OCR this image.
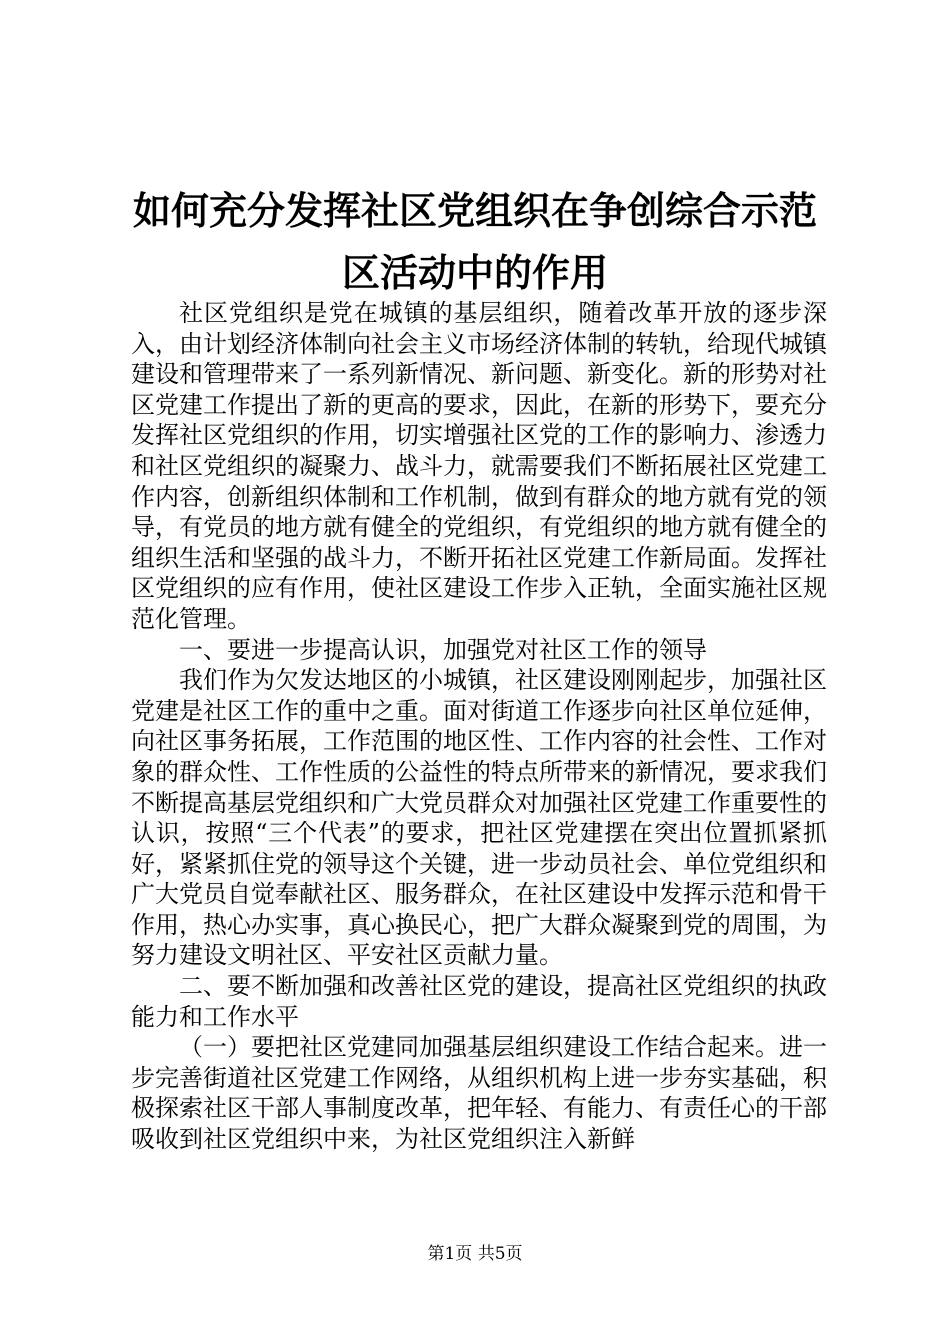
如何充分发挥社区党组织在争创综合示范区活动中的作用

社区党组织是党在城镇的基层组织，随着改革开放的逐步深入，由计划经济体制向社会主义市场经济体制的转轨，给现代城镇建设和管理带来了一系列新情况、新问题、新变化。新的形势对社区党建工作提出了新的更高的要求，因此，在新的形势下，要充分发挥社区党组织的作用，切实增强社区党的工作的影响力、渗透力和社区党组织的凝聚力、战斗力，就需要我们不断拓展社区党建工作内容，创新组织体制和工作机制，做到有群众的地方就有党的领导，有党员的地方就有健全的党组织，有党组织的地方就有健全的组织生活和坚强的战斗力，不断开拓社区党建工作新局面。发挥社区党组织的应有作用，使社区建设工作步入正轨，全面实施社区规范化管理。

一、要进一步提高认识，加强党对社区工作的领导

我们作为欠发达地区的小城镇，社区建设刚刚起步，加强社区党建是社区工作的重中之重。面对街道工作逐步向社区单位延伸，向社区事务拓展，工作范围的地区性、工作内容的社会性、工作对象的群众性、工作性质的公益性的特点所带来的新情况，要求我们不断提高基层党组织和广大党员群众对加强社区党建工作重要性的认识，按照“三个代表”的要求，把社区党建摆在突出位置抓紧抓好，紧紧抓住党的领导这个关键，进一步动员社会、单位党组织和广大党员自觉奉献社区、服务群众，在社区建设中发挥示范和骨干作用，热心办实事，真心换民心，把广大群众凝聚到党的周围，为努力建设文明社区、平安社区贡献力量。

二、要不断加强和改善社区党的建设，提高社区党组织的执政能力和工作水平

（一）要把社区党建同加强基层组织建设工作结合起来。进一步完善街道社区党建工作网络，从组织机构上进一步夯实基础，积极探索社区干部人事制度改革，把年轻、有能力、有责任心的干部吸收到社区党组织中来，为社区党组织注入新鲜

第1页 共5页
